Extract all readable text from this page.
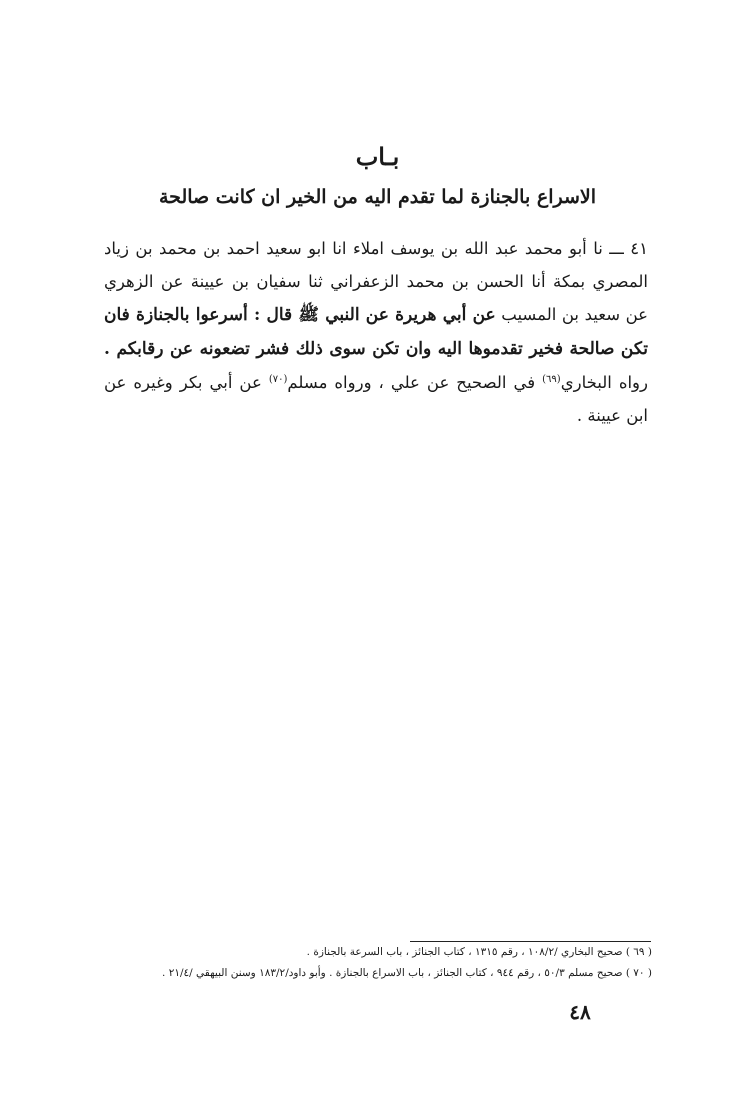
بـاب
الاسراع بالجنازة لما تقدم اليه من الخير ان كانت صالحة
٤١ ـــ نا أبو محمد عبد الله بن يوسف املاء انا ابو سعيد احمد بن محمد بن زياد المصري بمكة أنا الحسن بن محمد الزعفراني ثنا سفيان بن عيينة عن الزهري عن سعيد بن المسيب عن أبي هريرة عن النبي ﷺ قال : أسرعوا بالجنازة فان تكن صالحة فخير تقدموها اليه وان تكن سوى ذلك فشر تضعونه عن رقابكم . رواه البخاري$^{(٦٩)}$ في الصحيح عن علي ، ورواه مسلم$^{(٧٠)}$ عن أبي بكر وغيره عن ابن عيينة .
( ٦٩ ) صحيح البخاري /١٠٨/٢ ، رقم ١٣١٥ ، كتاب الجنائز ، باب السرعة بالجنازة .
( ٧٠ ) صحيح مسلم ٥٠/٣ ، رقم ٩٤٤ ، كتاب الجنائز ، باب الاسراع بالجنازة . وأبو داود/١٨٣/٢ وسنن البيهقي /٢١/٤ .
٤٨
